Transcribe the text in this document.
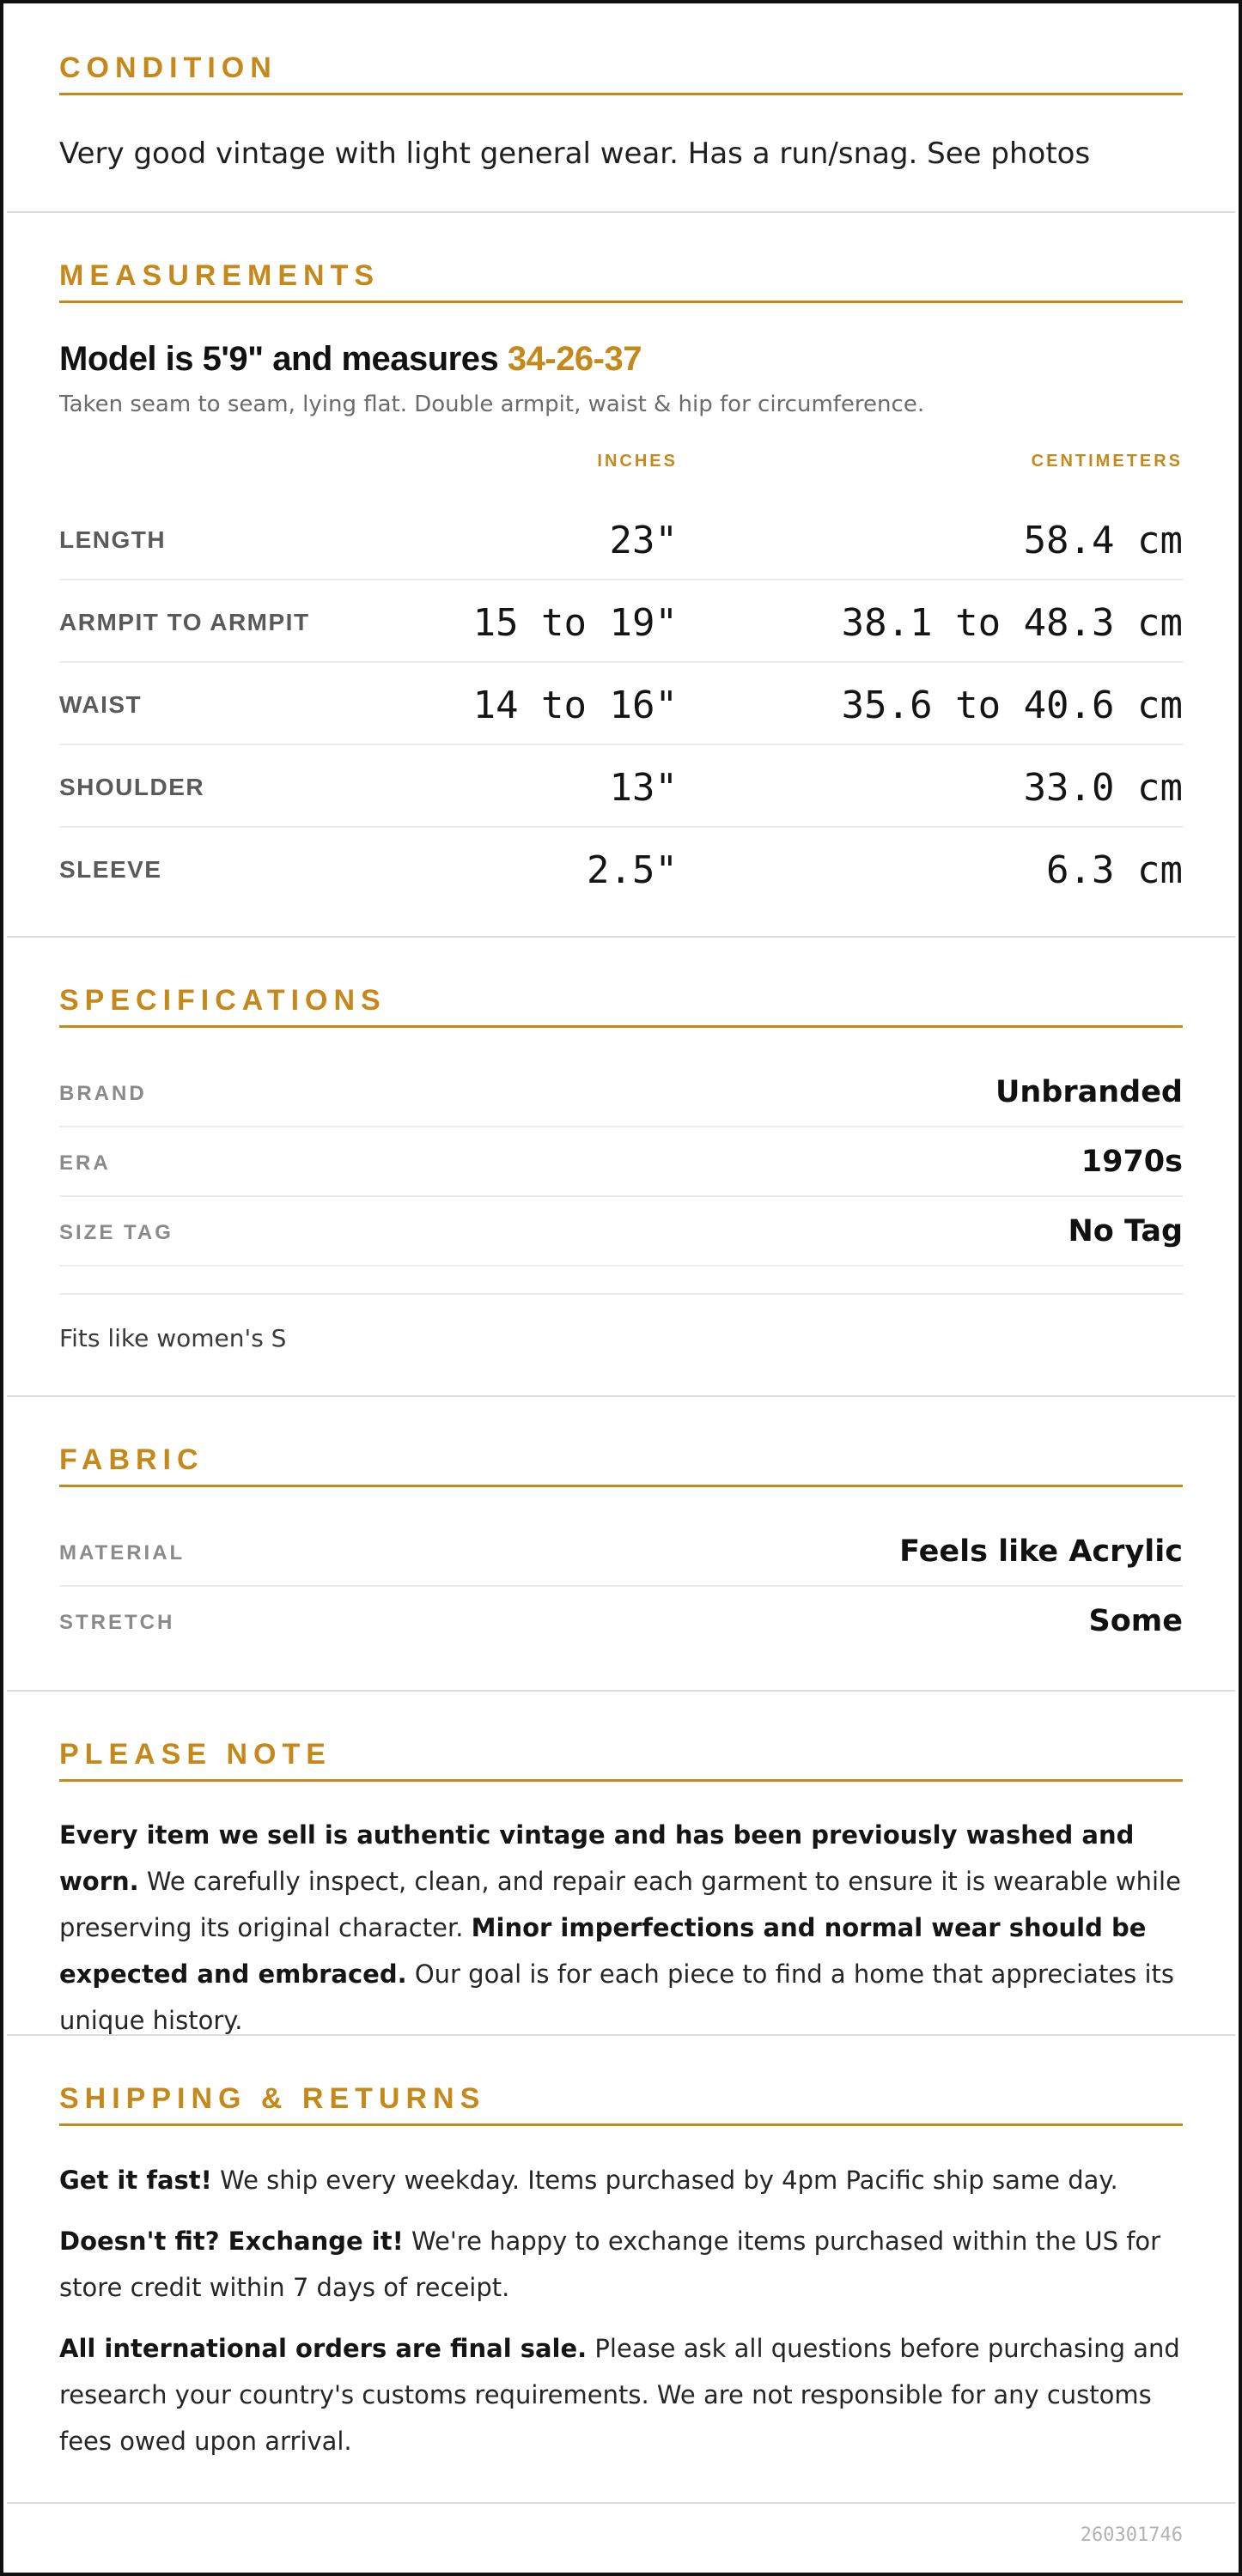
CONDITION
Very good vintage with light general wear. Has a run/snag. See photos
MEASUREMENTS
Model is 5'9" and measures 34-26-37
Taken seam to seam, lying flat. Double armpit, waist & hip for circumference.
INCHES	CENTIMETERS
LENGTH	23"	58.4 cm
ARMPIT TO ARMPIT	15 to 19"	38.1 to 48.3 cm
WAIST	14 to 16"	35.6 to 40.6 cm
SHOULDER	13"	33.0 cm
SLEEVE	2.5"	6.3 cm
SPECIFICATIONS
BRAND	Unbranded
ERA	1970s
SIZE TAG	No Tag
Fits like women's S
FABRIC
MATERIAL	Feels like Acrylic
STRETCH	Some
PLEASE NOTE
Every item we sell is authentic vintage and has been previously washed and worn. We carefully inspect, clean, and repair each garment to ensure it is wearable while preserving its original character. Minor imperfections and normal wear should be expected and embraced. Our goal is for each piece to find a home that appreciates its unique history.
SHIPPING & RETURNS
Get it fast! We ship every weekday. Items purchased by 4pm Pacific ship same day.
Doesn't fit? Exchange it! We're happy to exchange items purchased within the US for store credit within 7 days of receipt.
All international orders are final sale. Please ask all questions before purchasing and research your country's customs requirements. We are not responsible for any customs fees owed upon arrival.
260301746
